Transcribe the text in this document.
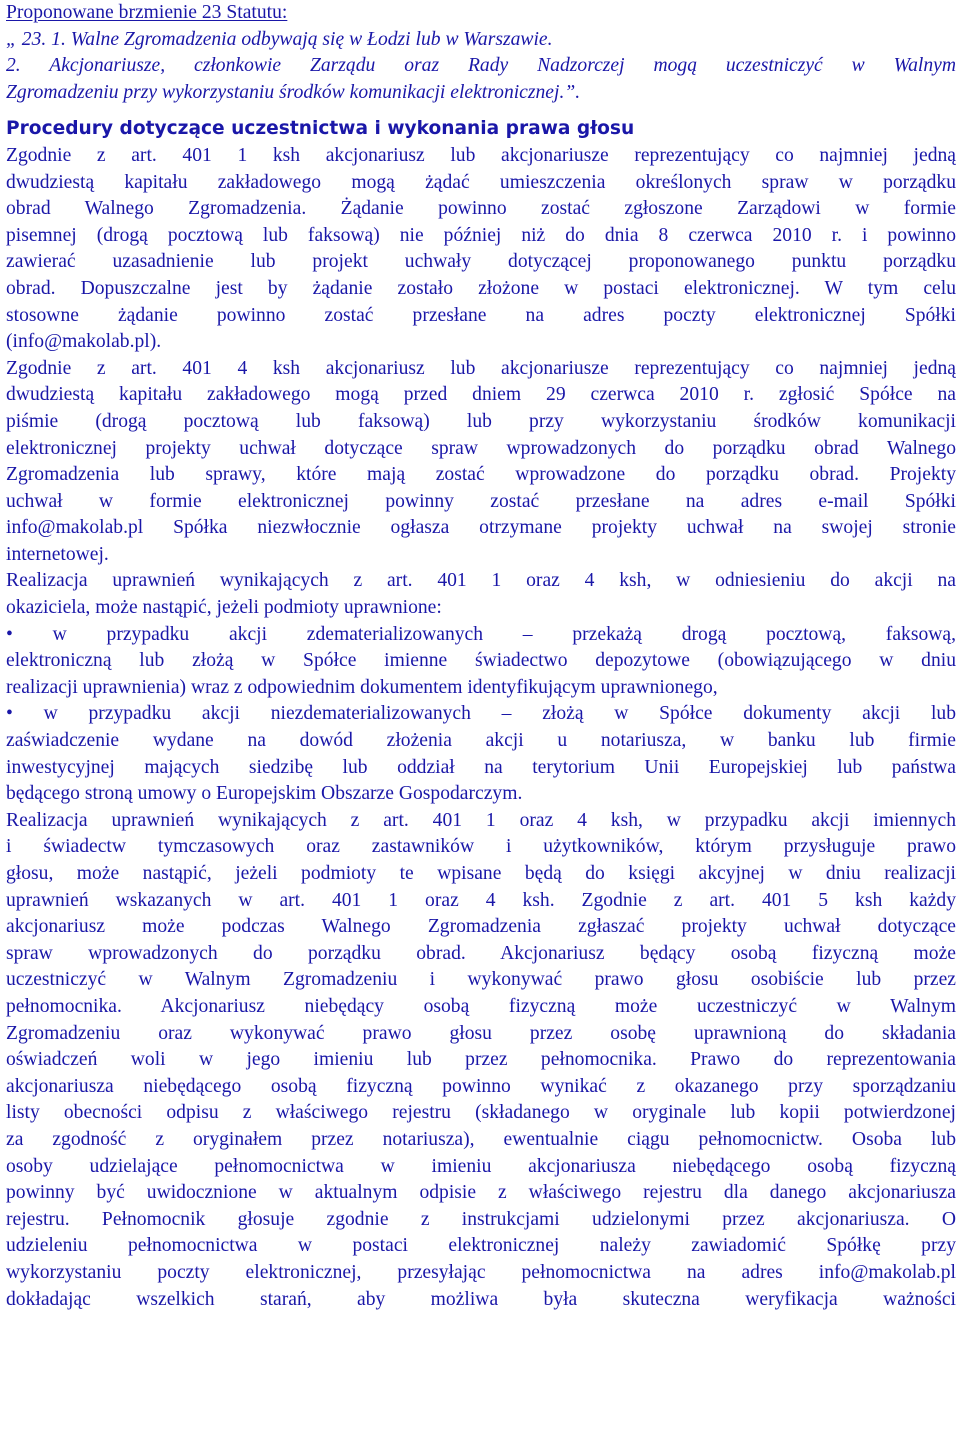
Proponowane brzmienie 23 Statutu:
„ 23. 1. Walne Zgromadzenia odbywają się w Łodzi lub w Warszawie.
2. Akcjonariusze, członkowie Zarządu oraz Rady Nadzorczej mogą uczestniczyć w Walnym
Zgromadzeniu przy wykorzystaniu środków komunikacji elektronicznej.”.
Procedury dotyczące uczestnictwa i wykonania prawa głosu
Zgodnie z art. 401 1 ksh akcjonariusz lub akcjonariusze reprezentujący co najmniej jedną
dwudziestą kapitału zakładowego mogą żądać umieszczenia określonych spraw w porządku
obrad Walnego Zgromadzenia. Żądanie powinno zostać zgłoszone Zarządowi w formie
pisemnej (drogą pocztową lub faksową) nie później niż do dnia 8 czerwca 2010 r. i powinno
zawierać uzasadnienie lub projekt uchwały dotyczącej proponowanego punktu porządku
obrad. Dopuszczalne jest by żądanie zostało złożone w postaci elektronicznej. W tym celu
stosowne żądanie powinno zostać przesłane na adres poczty elektronicznej Spółki
(info@makolab.pl).
Zgodnie z art. 401 4 ksh akcjonariusz lub akcjonariusze reprezentujący co najmniej jedną
dwudziestą kapitału zakładowego mogą przed dniem 29 czerwca 2010 r. zgłosić Spółce na
piśmie (drogą pocztową lub faksową) lub przy wykorzystaniu środków komunikacji
elektronicznej projekty uchwał dotyczące spraw wprowadzonych do porządku obrad Walnego
Zgromadzenia lub sprawy, które mają zostać wprowadzone do porządku obrad. Projekty
uchwał w formie elektronicznej powinny zostać przesłane na adres e-mail Spółki
info@makolab.pl Spółka niezwłocznie ogłasza otrzymane projekty uchwał na swojej stronie
internetowej.
Realizacja uprawnień wynikających z art. 401 1 oraz 4 ksh, w odniesieniu do akcji na
okaziciela, może nastąpić, jeżeli podmioty uprawnione:
• w przypadku akcji zdematerializowanych – przekażą drogą pocztową, faksową,
elektroniczną lub złożą w Spółce imienne świadectwo depozytowe (obowiązującego w dniu
realizacji uprawnienia) wraz z odpowiednim dokumentem identyfikującym uprawnionego,
• w przypadku akcji niezdematerializowanych – złożą w Spółce dokumenty akcji lub
zaświadczenie wydane na dowód złożenia akcji u notariusza, w banku lub firmie
inwestycyjnej mających siedzibę lub oddział na terytorium Unii Europejskiej lub państwa
będącego stroną umowy o Europejskim Obszarze Gospodarczym.
Realizacja uprawnień wynikających z art. 401 1 oraz 4 ksh, w przypadku akcji imiennych
i świadectw tymczasowych oraz zastawników i użytkowników, którym przysługuje prawo
głosu, może nastąpić, jeżeli podmioty te wpisane będą do księgi akcyjnej w dniu realizacji
uprawnień wskazanych w art. 401 1 oraz 4 ksh. Zgodnie z art. 401 5 ksh każdy
akcjonariusz może podczas Walnego Zgromadzenia zgłaszać projekty uchwał dotyczące
spraw wprowadzonych do porządku obrad. Akcjonariusz będący osobą fizyczną może
uczestniczyć w Walnym Zgromadzeniu i wykonywać prawo głosu osobiście lub przez
pełnomocnika. Akcjonariusz niebędący osobą fizyczną może uczestniczyć w Walnym
Zgromadzeniu oraz wykonywać prawo głosu przez osobę uprawnioną do składania
oświadczeń woli w jego imieniu lub przez pełnomocnika. Prawo do reprezentowania
akcjonariusza niebędącego osobą fizyczną powinno wynikać z okazanego przy sporządzaniu
listy obecności odpisu z właściwego rejestru (składanego w oryginale lub kopii potwierdzonej
za zgodność z oryginałem przez notariusza), ewentualnie ciągu pełnomocnictw. Osoba lub
osoby udzielające pełnomocnictwa w imieniu akcjonariusza niebędącego osobą fizyczną
powinny być uwidocznione w aktualnym odpisie z właściwego rejestru dla danego akcjonariusza
rejestru. Pełnomocnik głosuje zgodnie z instrukcjami udzielonymi przez akcjonariusza. O
udzieleniu pełnomocnictwa w postaci elektronicznej należy zawiadomić Spółkę przy
wykorzystaniu poczty elektronicznej, przesyłając pełnomocnictwa na adres info@makolab.pl
dokładając wszelkich starań, aby możliwa była skuteczna weryfikacja ważności
